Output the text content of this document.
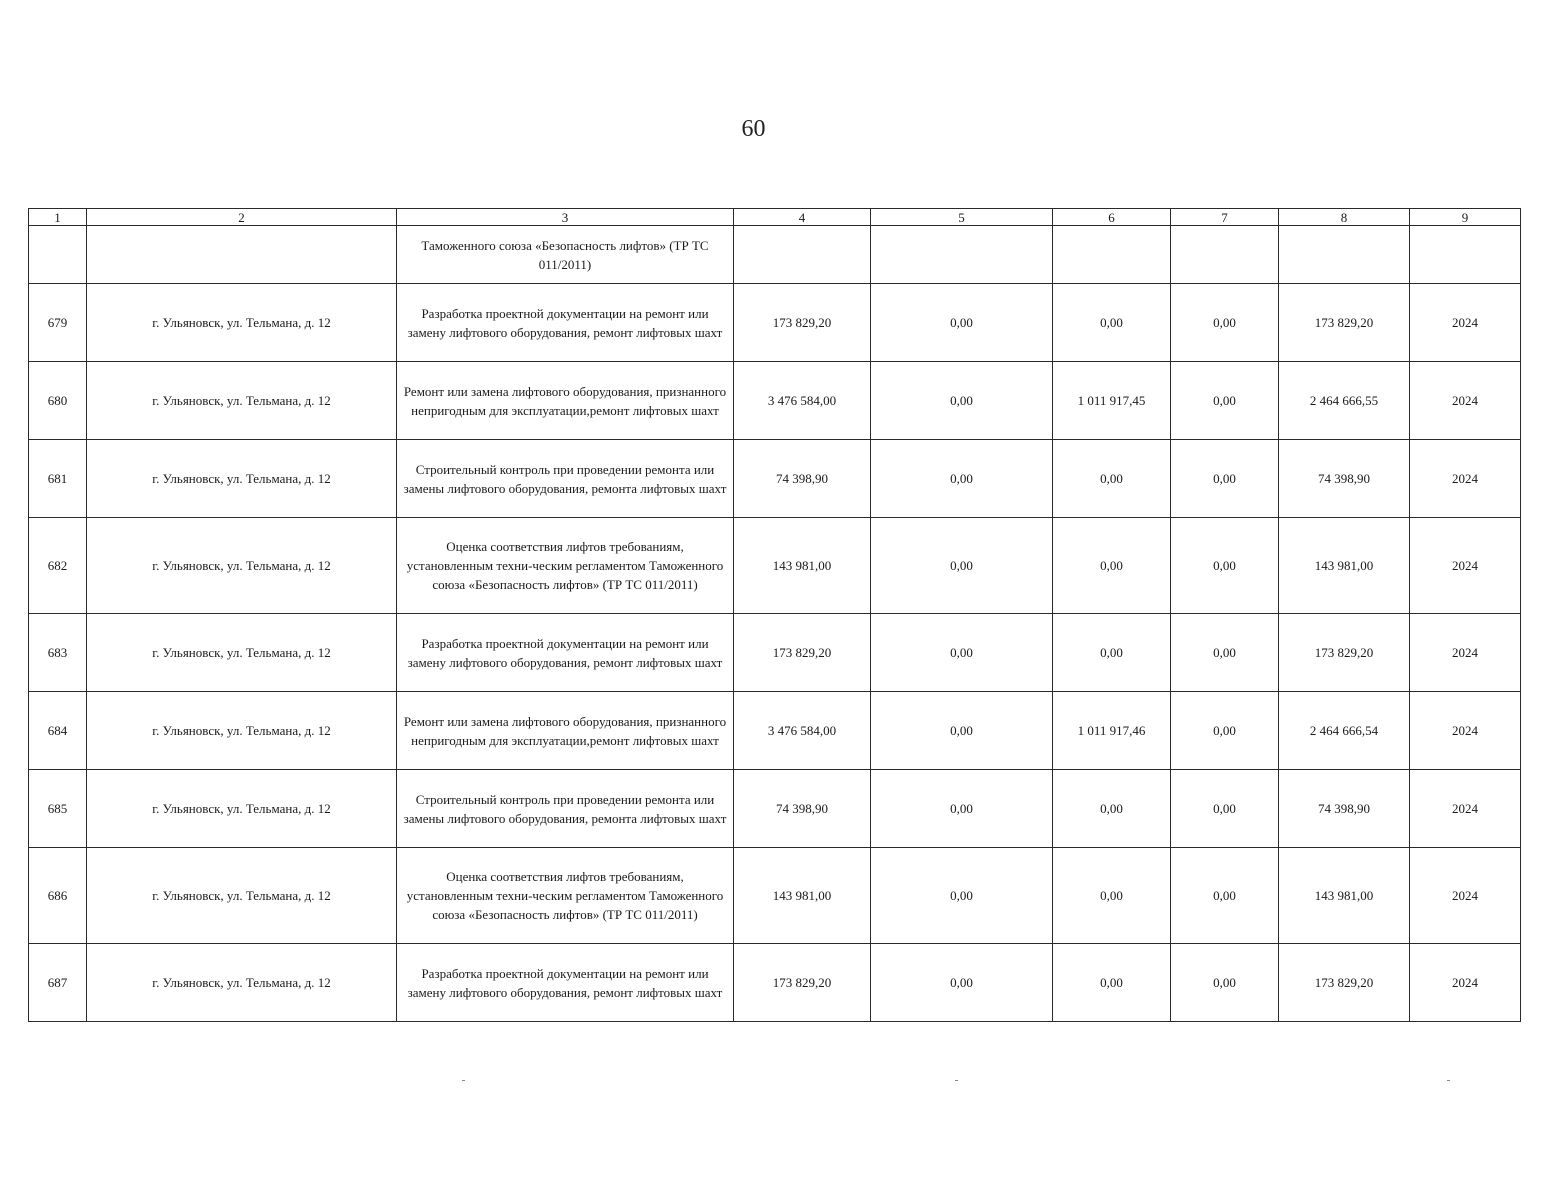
60
1	2	3	4	5	6	7	8	9
		Таможенного союза «Безопасность лифтов» (ТР ТС 011/2011)						
679	г. Ульяновск, ул. Тельмана, д. 12	Разработка проектной документации на ремонт или замену лифтового оборудования, ремонт лифтовых шахт	173 829,20	0,00	0,00	0,00	173 829,20	2024
680	г. Ульяновск, ул. Тельмана, д. 12	Ремонт или замена лифтового оборудования, признанного непригодным для эксплуатации,ремонт лифтовых шахт	3 476 584,00	0,00	1 011 917,45	0,00	2 464 666,55	2024
681	г. Ульяновск, ул. Тельмана, д. 12	Строительный контроль при проведении ремонта или замены лифтового оборудования, ремонта лифтовых шахт	74 398,90	0,00	0,00	0,00	74 398,90	2024
682	г. Ульяновск, ул. Тельмана, д. 12	Оценка соответствия лифтов требованиям, установленным техни-ческим регламентом Таможенного союза «Безопасность лифтов» (ТР ТС 011/2011)	143 981,00	0,00	0,00	0,00	143 981,00	2024
683	г. Ульяновск, ул. Тельмана, д. 12	Разработка проектной документации на ремонт или замену лифтового оборудования, ремонт лифтовых шахт	173 829,20	0,00	0,00	0,00	173 829,20	2024
684	г. Ульяновск, ул. Тельмана, д. 12	Ремонт или замена лифтового оборудования, признанного непригодным для эксплуатации,ремонт лифтовых шахт	3 476 584,00	0,00	1 011 917,46	0,00	2 464 666,54	2024
685	г. Ульяновск, ул. Тельмана, д. 12	Строительный контроль при проведении ремонта или замены лифтового оборудования, ремонта лифтовых шахт	74 398,90	0,00	0,00	0,00	74 398,90	2024
686	г. Ульяновск, ул. Тельмана, д. 12	Оценка соответствия лифтов требованиям, установленным техни-ческим регламентом Таможенного союза «Безопасность лифтов» (ТР ТС 011/2011)	143 981,00	0,00	0,00	0,00	143 981,00	2024
687	г. Ульяновск, ул. Тельмана, д. 12	Разработка проектной документации на ремонт или замену лифтового оборудования, ремонт лифтовых шахт	173 829,20	0,00	0,00	0,00	173 829,20	2024
